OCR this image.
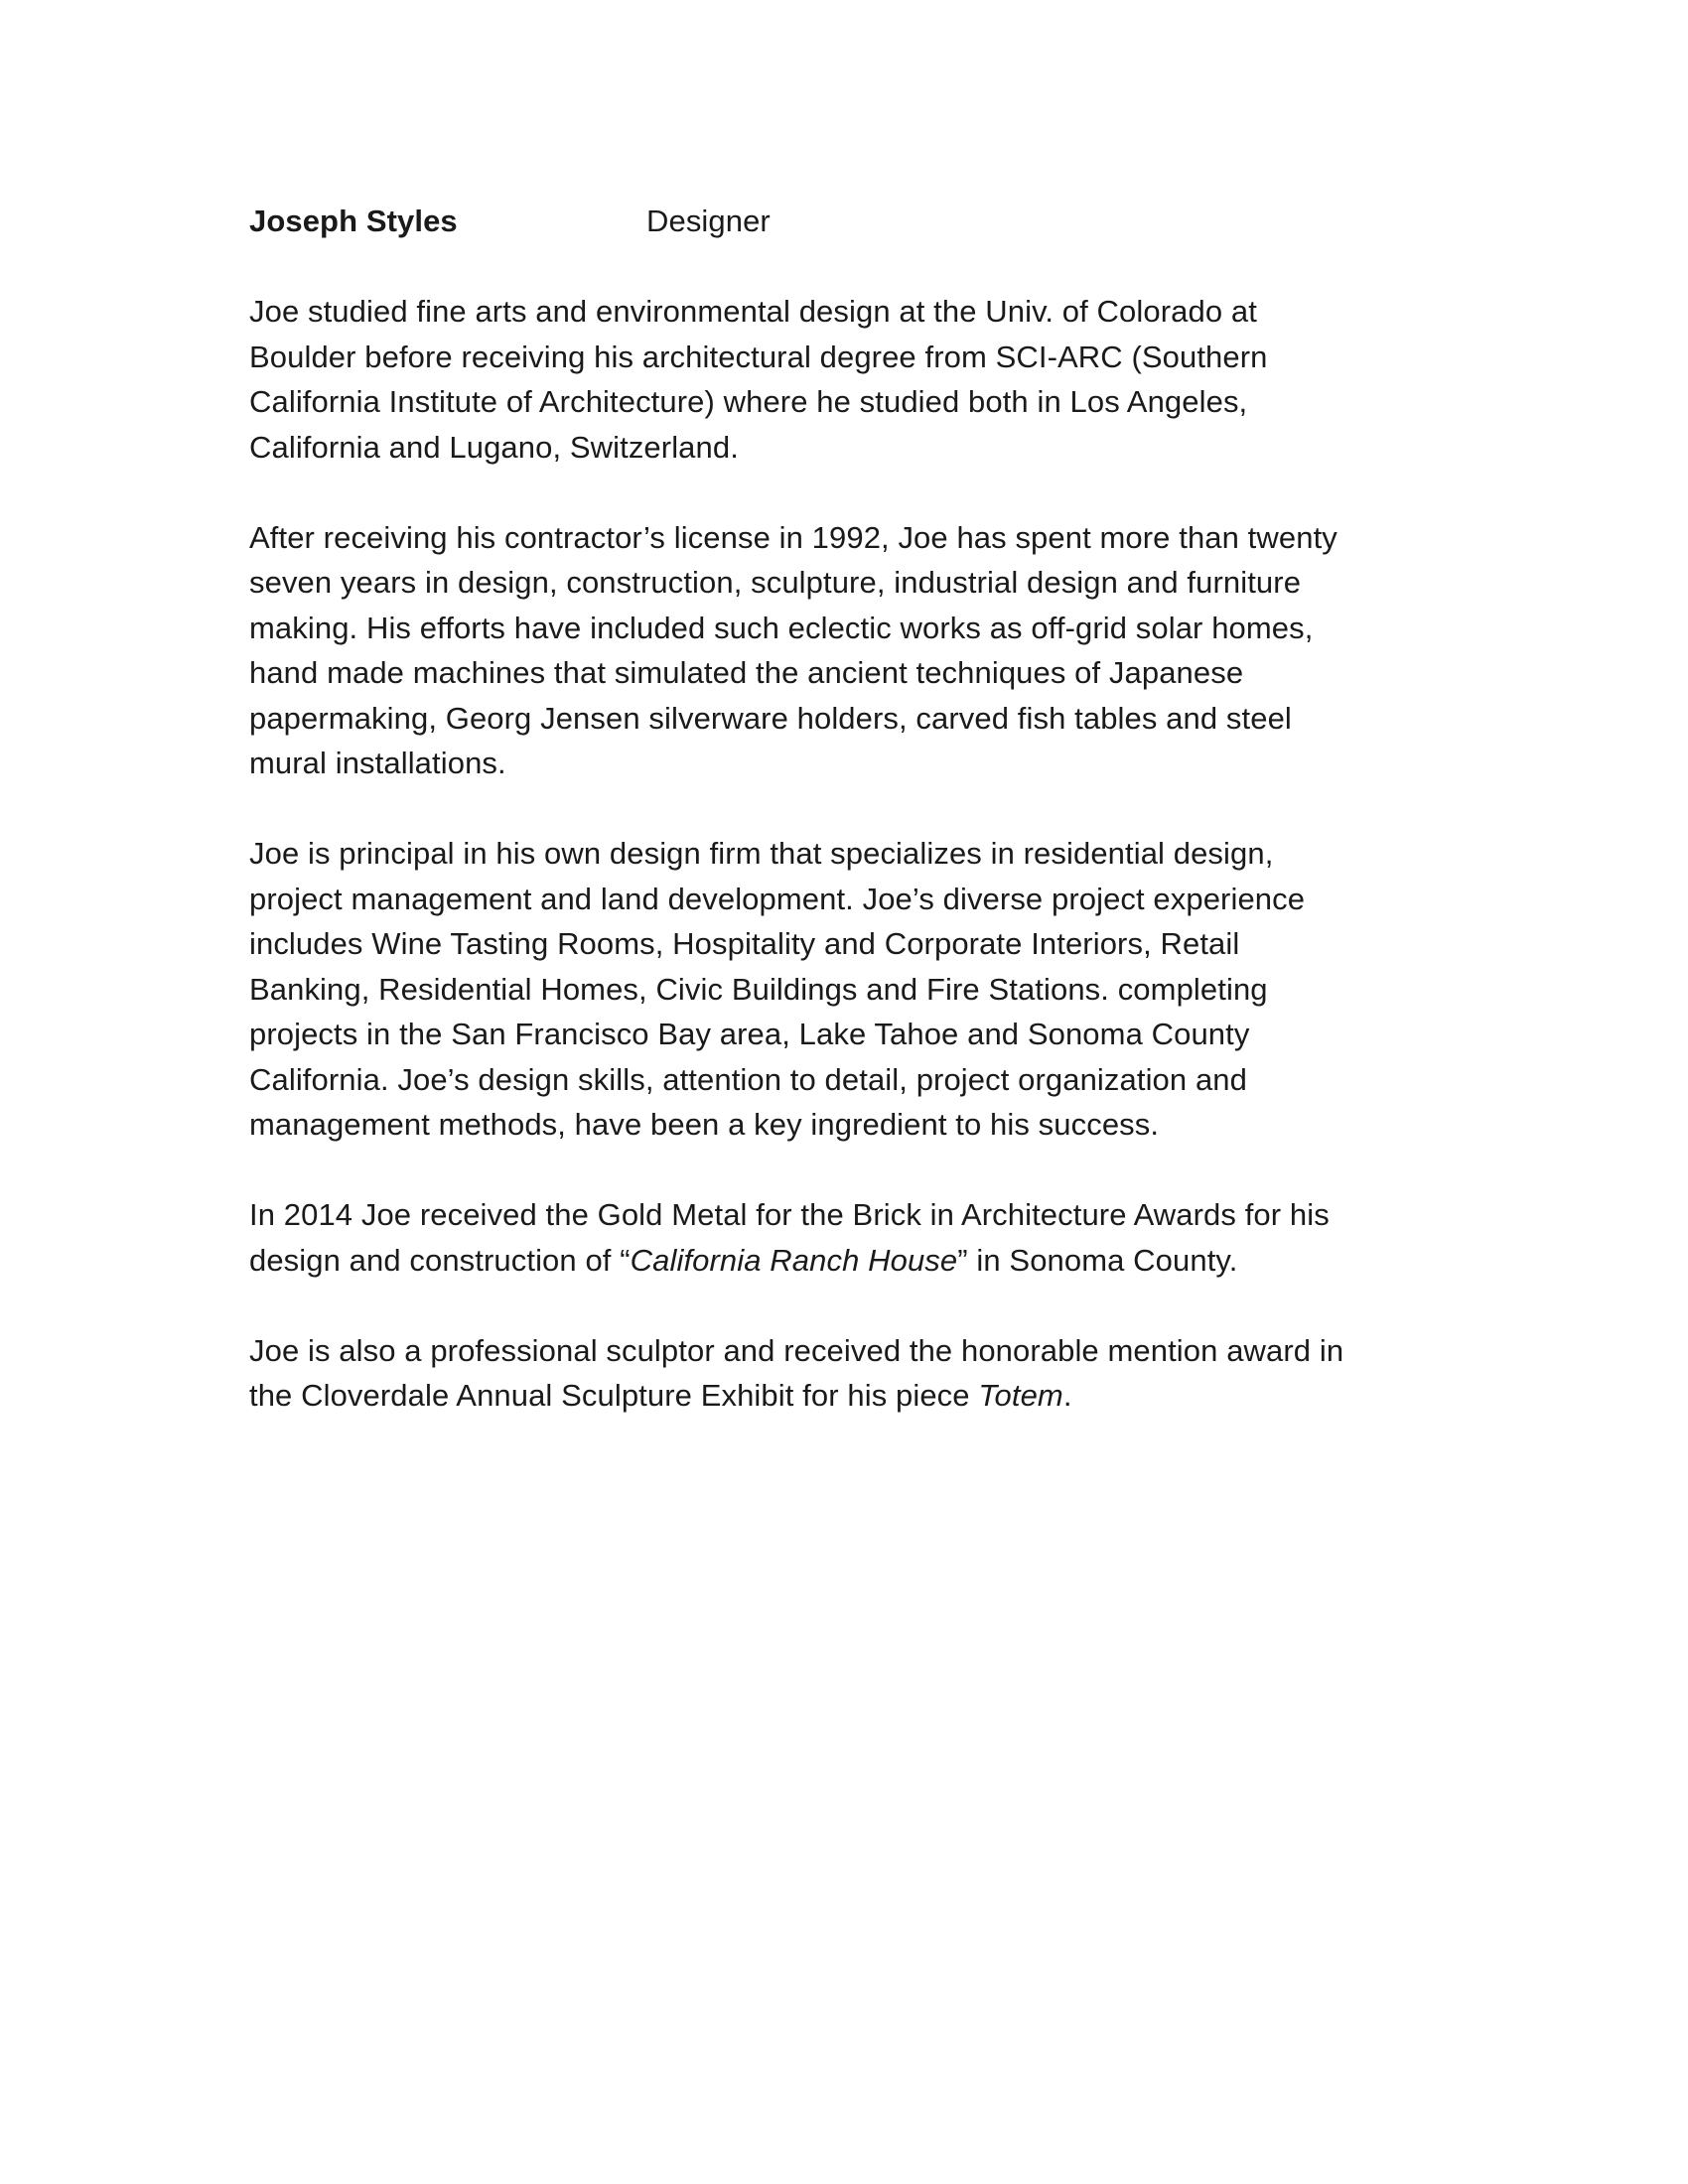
Joseph Styles	Designer

Joe studied fine arts and environmental design at the Univ. of Colorado at
Boulder before receiving his architectural degree from SCI-ARC (Southern
California Institute of Architecture) where he studied both in Los Angeles,
California and Lugano, Switzerland.

After receiving his contractor’s license in 1992, Joe has spent more than twenty
seven years in design, construction, sculpture, industrial design and furniture
making. His efforts have included such eclectic works as off-grid solar homes,
hand made machines that simulated the ancient techniques of Japanese
papermaking, Georg Jensen silverware holders, carved fish tables and steel
mural installations.

Joe is principal in his own design firm that specializes in residential design,
project management and land development. Joe’s diverse project experience
includes Wine Tasting Rooms, Hospitality and Corporate Interiors, Retail
Banking, Residential Homes, Civic Buildings and Fire Stations. completing
projects in the San Francisco Bay area, Lake Tahoe and Sonoma County
California. Joe’s design skills, attention to detail, project organization and
management methods, have been a key ingredient to his success.

In 2014 Joe received the Gold Metal for the Brick in Architecture Awards for his
design and construction of “California Ranch House” in Sonoma County.

Joe is also a professional sculptor and received the honorable mention award in
the Cloverdale Annual Sculpture Exhibit for his piece Totem.
